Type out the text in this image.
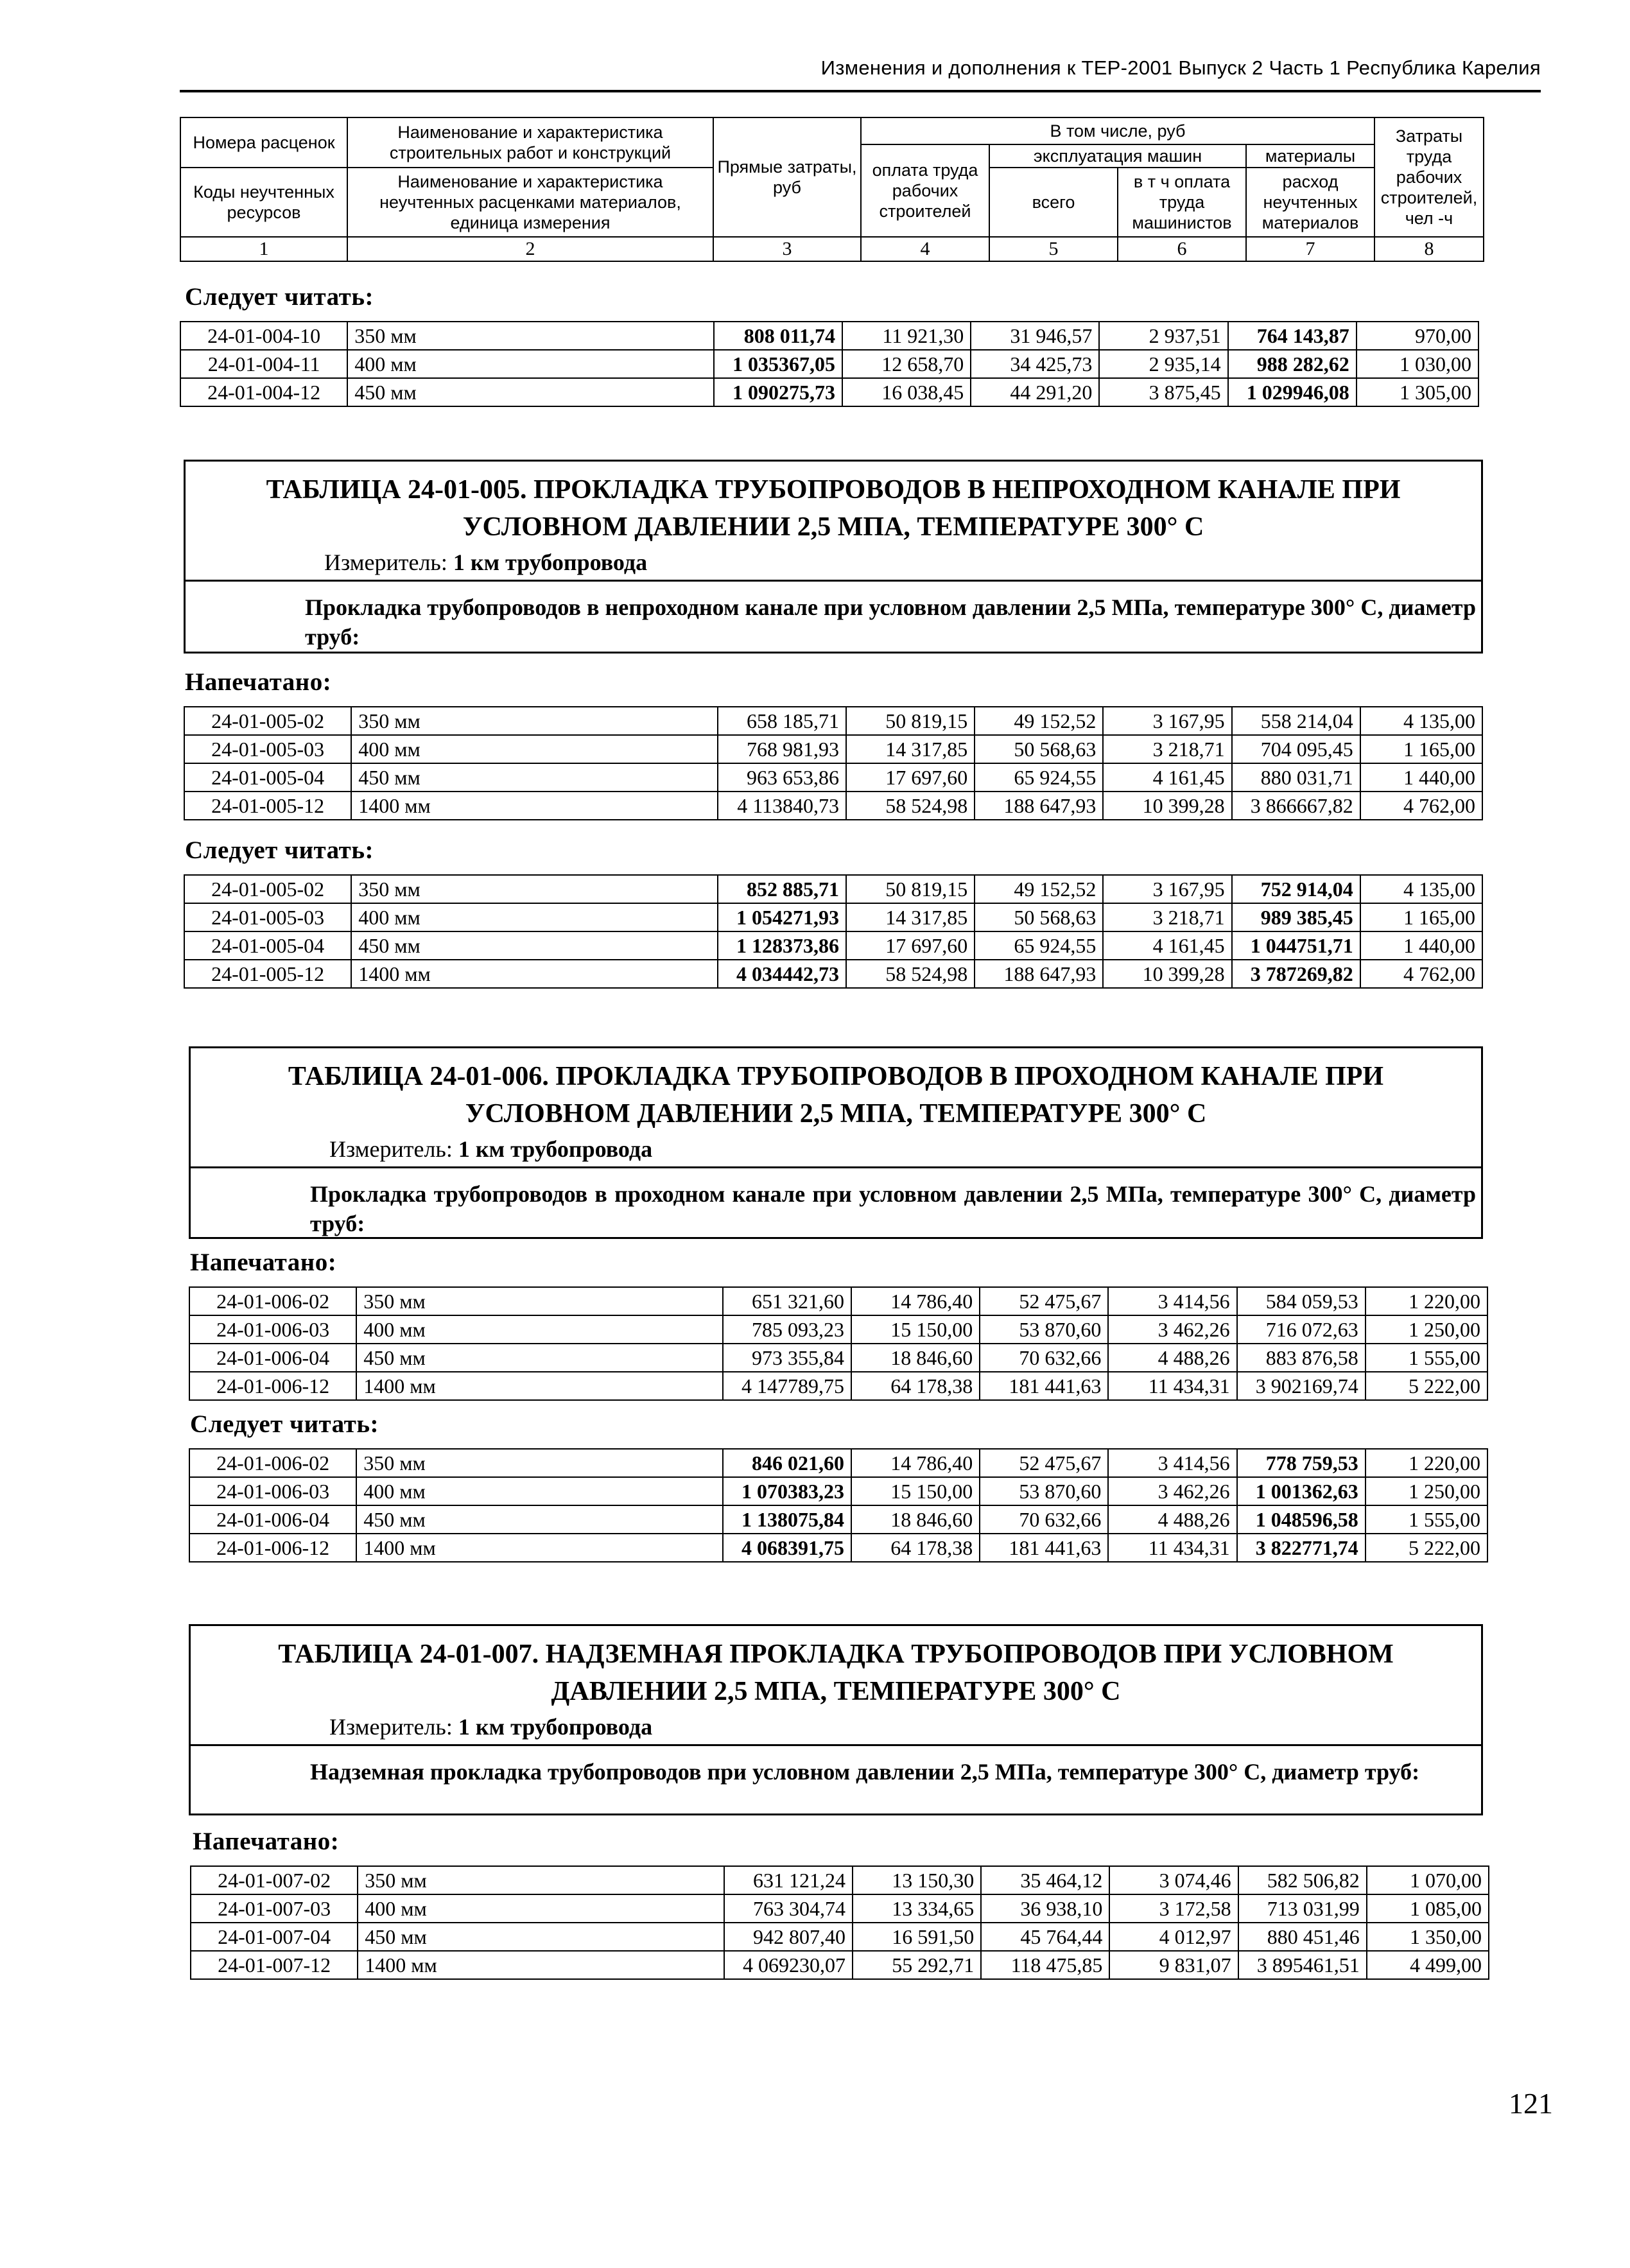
Изменения и дополнения к ТЕР-2001 Выпуск 2 Часть 1 Республика Карелия
Номера расценок	Наименование и характеристика строительных работ и конструкций	Прямые затраты, руб	В том числе, руб				Затраты труда рабочих строителей, чел -ч
			оплата труда рабочих строителей	эксплуатация машин		материалы	
Коды неучтенных ресурсов	Наименование и характеристика неучтенных расценками материалов, единица измерения			всего	в т ч оплата труда машинистов	расход неучтенных материалов	

1	2	3	4	5	6	7	8
Следует читать:
24-01-004-10	350 мм	808 011,74	11 921,30	31 946,57	2 937,51	764 143,87	970,00
24-01-004-11	400 мм	1 035367,05	12 658,70	34 425,73	2 935,14	988 282,62	1 030,00
24-01-004-12	450 мм	1 090275,73	16 038,45	44 291,20	3 875,45	1 029946,08	1 305,00
ТАБЛИЦА 24-01-005. ПРОКЛАДКА ТРУБОПРОВОДОВ В НЕПРОХОДНОМ КАНАЛЕ ПРИ
УСЛОВНОМ ДАВЛЕНИИ 2,5 МПА, ТЕМПЕРАТУРЕ 300° С
Измеритель: 1 км трубопровода
Прокладка трубопроводов в непроходном канале при условном давлении 2,5 МПа, температуре 300° С, диаметр труб:
Напечатано:
24-01-005-02	350 мм	658 185,71	50 819,15	49 152,52	3 167,95	558 214,04	4 135,00
24-01-005-03	400 мм	768 981,93	14 317,85	50 568,63	3 218,71	704 095,45	1 165,00
24-01-005-04	450 мм	963 653,86	17 697,60	65 924,55	4 161,45	880 031,71	1 440,00
24-01-005-12	1400 мм	4 113840,73	58 524,98	188 647,93	10 399,28	3 866667,82	4 762,00
Следует читать:
24-01-005-02	350 мм	852 885,71	50 819,15	49 152,52	3 167,95	752 914,04	4 135,00
24-01-005-03	400 мм	1 054271,93	14 317,85	50 568,63	3 218,71	989 385,45	1 165,00
24-01-005-04	450 мм	1 128373,86	17 697,60	65 924,55	4 161,45	1 044751,71	1 440,00
24-01-005-12	1400 мм	4 034442,73	58 524,98	188 647,93	10 399,28	3 787269,82	4 762,00
ТАБЛИЦА 24-01-006. ПРОКЛАДКА ТРУБОПРОВОДОВ В ПРОХОДНОМ КАНАЛЕ ПРИ
УСЛОВНОМ ДАВЛЕНИИ 2,5 МПА, ТЕМПЕРАТУРЕ 300° С
Измеритель: 1 км трубопровода
Прокладка трубопроводов в проходном канале при условном давлении 2,5 МПа, температуре 300° С, диаметр труб:
Напечатано:
24-01-006-02	350 мм	651 321,60	14 786,40	52 475,67	3 414,56	584 059,53	1 220,00
24-01-006-03	400 мм	785 093,23	15 150,00	53 870,60	3 462,26	716 072,63	1 250,00
24-01-006-04	450 мм	973 355,84	18 846,60	70 632,66	4 488,26	883 876,58	1 555,00
24-01-006-12	1400 мм	4 147789,75	64 178,38	181 441,63	11 434,31	3 902169,74	5 222,00
Следует читать:
24-01-006-02	350 мм	846 021,60	14 786,40	52 475,67	3 414,56	778 759,53	1 220,00
24-01-006-03	400 мм	1 070383,23	15 150,00	53 870,60	3 462,26	1 001362,63	1 250,00
24-01-006-04	450 мм	1 138075,84	18 846,60	70 632,66	4 488,26	1 048596,58	1 555,00
24-01-006-12	1400 мм	4 068391,75	64 178,38	181 441,63	11 434,31	3 822771,74	5 222,00
ТАБЛИЦА 24-01-007. НАДЗЕМНАЯ ПРОКЛАДКА ТРУБОПРОВОДОВ ПРИ УСЛОВНОМ
ДАВЛЕНИИ 2,5 МПА, ТЕМПЕРАТУРЕ 300° С
Измеритель: 1 км трубопровода
Надземная прокладка трубопроводов при условном давлении 2,5 МПа, температуре 300° С, диаметр труб:
Напечатано:
24-01-007-02	350 мм	631 121,24	13 150,30	35 464,12	3 074,46	582 506,82	1 070,00
24-01-007-03	400 мм	763 304,74	13 334,65	36 938,10	3 172,58	713 031,99	1 085,00
24-01-007-04	450 мм	942 807,40	16 591,50	45 764,44	4 012,97	880 451,46	1 350,00
24-01-007-12	1400 мм	4 069230,07	55 292,71	118 475,85	9 831,07	3 895461,51	4 499,00
121
